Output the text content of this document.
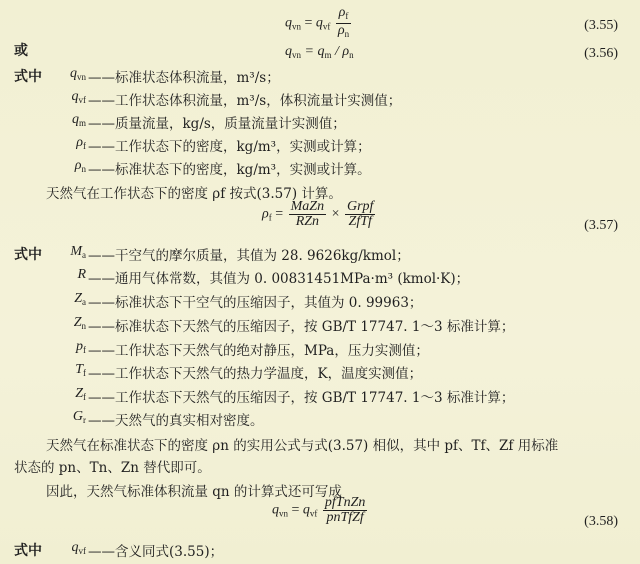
$q_{vn} = q_{vf} \frac{\rho_f}{\rho_n}$	(3.55)
或	$q_{vn} = q_m / \rho_n$	(3.56)
式中	$q_{vn}$ ——标准状态体积流量，m³/s；
$q_{vf}$ ——工作状态体积流量，m³/s，体积流量计实测值；
$q_m$ ——质量流量，kg/s，质量流量计实测值；
$\rho_f$ ——工作状态下的密度，kg/m³，实测或计算；
$\rho_n$ ——标准状态下的密度，kg/m³，实测或计算。
天然气在工作状态下的密度 ρf 按式(3.57) 计算。
$\rho_f = \frac{\text{MaZn}}{\text{RZn}} \times \frac{\text{Grpf}}{\text{ZfTf}}$	(3.57)
式中	$M_a$ ——干空气的摩尔质量，其值为 28. 9626kg/kmol；
R ——通用气体常数，其值为 0. 00831451MPa·m³ (kmol·K)；
$Z_a$ ——标准状态下干空气的压缩因子，其值为 0. 99963；
$Z_n$ ——标准状态下天然气的压缩因子，按 GB/T 17747. 1～3 标准计算；
$p_f$ ——工作状态下天然气的绝对静压，MPa，压力实测值；
$T_f$ ——工作状态下天然气的热力学温度，K，温度实测值；
$Z_f$ ——工作状态下天然气的压缩因子，按 GB/T 17747. 1～3 标准计算；
$G_r$ ——天然气的真实相对密度。
天然气在标准状态下的密度 ρn 的实用公式与式(3.57) 相似，其中 pf、Tf、Zf 用标准
状态的 pn、Tn、Zn 替代即可。
因此，天然气标准体积流量 qn 的计算式还可写成
$q_{vn} = q_{vf} \frac{\text{pfTnZn}}{\text{pnTfZf}}$	(3.58)
式中	$q_{vf}$ ——含义同式(3.55)；
